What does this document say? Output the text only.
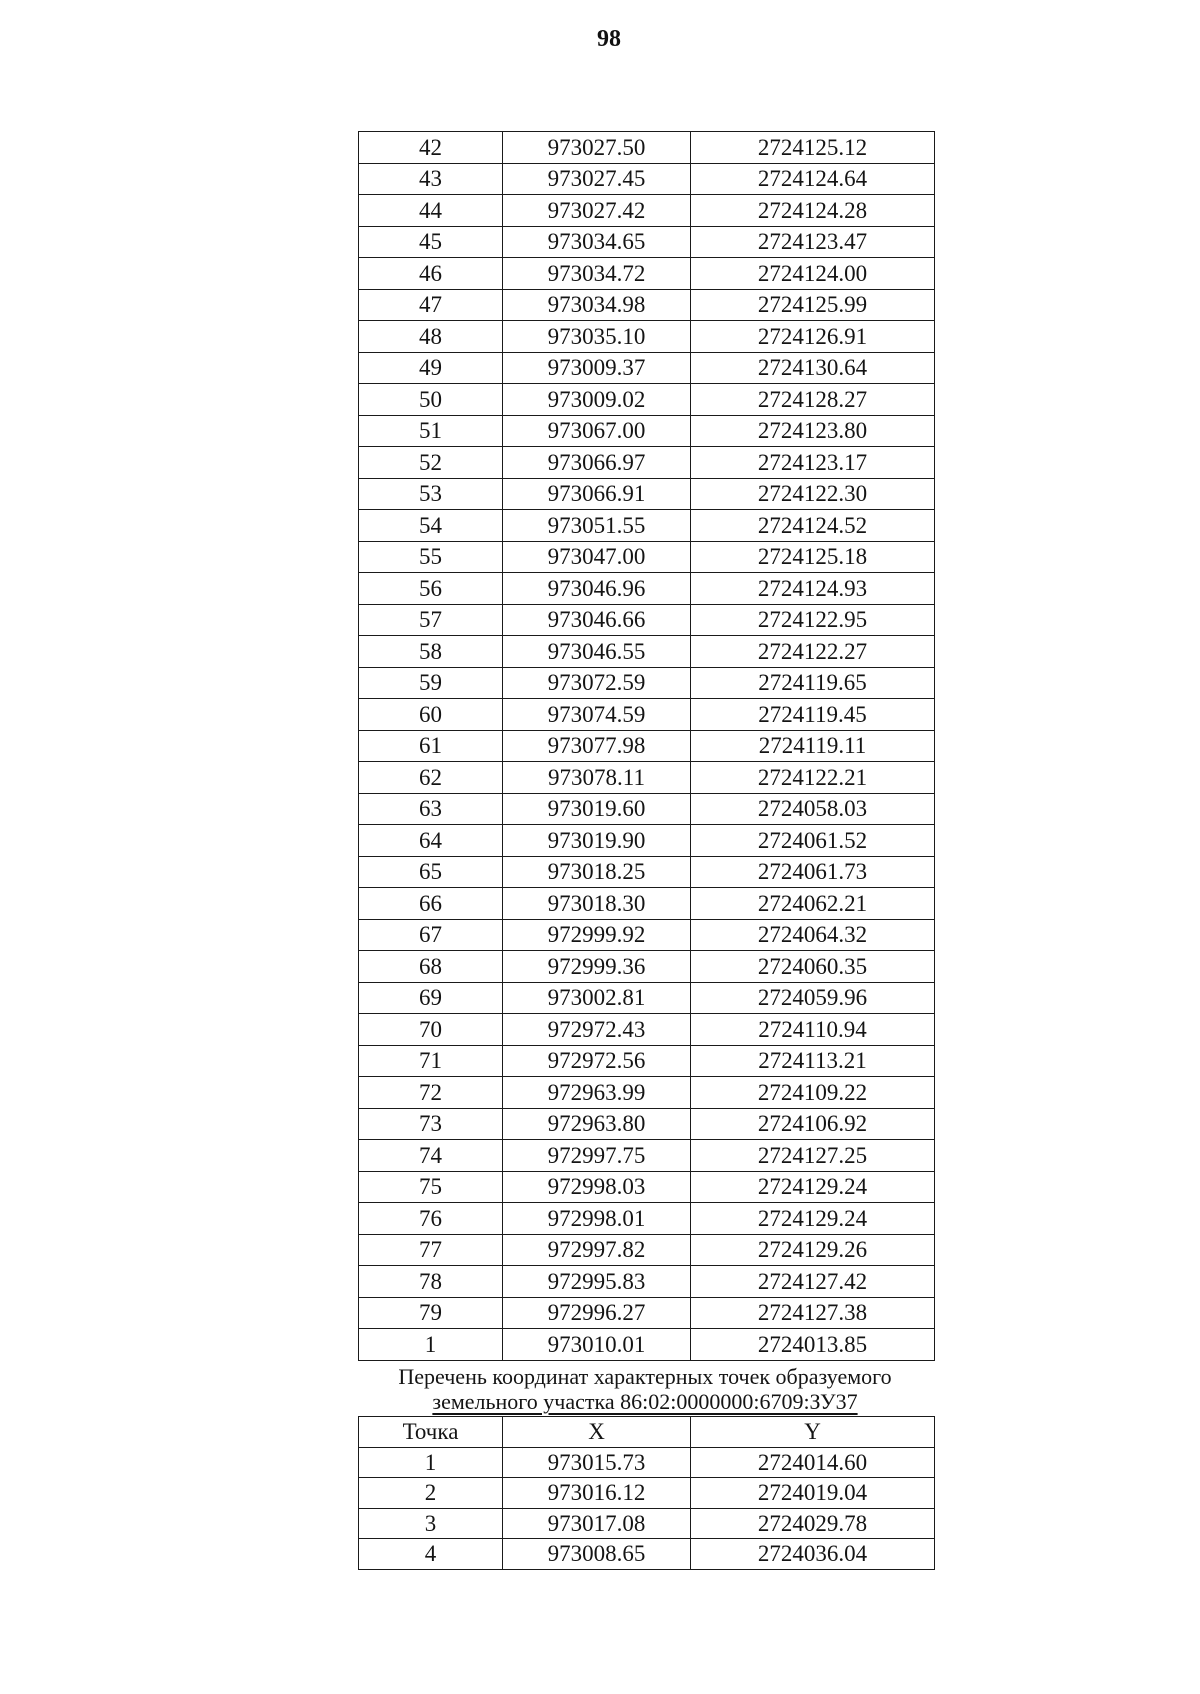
98
42	973027.50	2724125.12
43	973027.45	2724124.64
44	973027.42	2724124.28
45	973034.65	2724123.47
46	973034.72	2724124.00
47	973034.98	2724125.99
48	973035.10	2724126.91
49	973009.37	2724130.64
50	973009.02	2724128.27
51	973067.00	2724123.80
52	973066.97	2724123.17
53	973066.91	2724122.30
54	973051.55	2724124.52
55	973047.00	2724125.18
56	973046.96	2724124.93
57	973046.66	2724122.95
58	973046.55	2724122.27
59	973072.59	2724119.65
60	973074.59	2724119.45
61	973077.98	2724119.11
62	973078.11	2724122.21
63	973019.60	2724058.03
64	973019.90	2724061.52
65	973018.25	2724061.73
66	973018.30	2724062.21
67	972999.92	2724064.32
68	972999.36	2724060.35
69	973002.81	2724059.96
70	972972.43	2724110.94
71	972972.56	2724113.21
72	972963.99	2724109.22
73	972963.80	2724106.92
74	972997.75	2724127.25
75	972998.03	2724129.24
76	972998.01	2724129.24
77	972997.82	2724129.26
78	972995.83	2724127.42
79	972996.27	2724127.38
1	973010.01	2724013.85
Перечень координат характерных точек образуемого
земельного участка 86:02:0000000:6709:ЗУ37
Точка	X	Y
1	973015.73	2724014.60
2	973016.12	2724019.04
3	973017.08	2724029.78
4	973008.65	2724036.04
